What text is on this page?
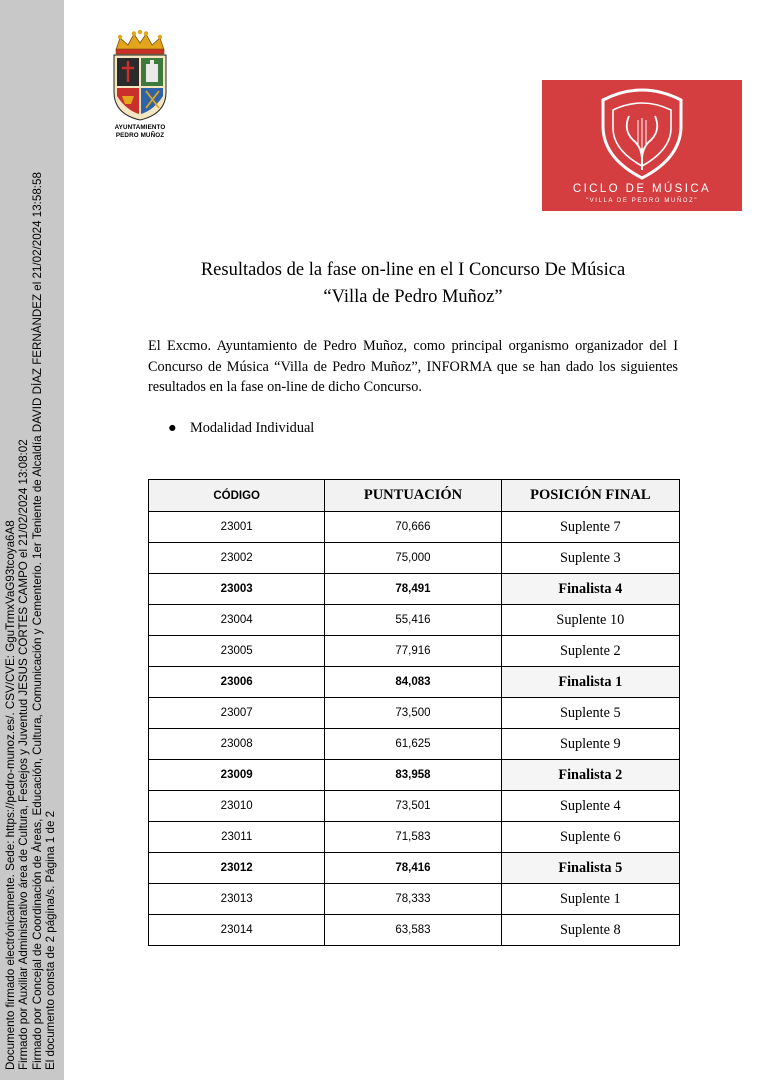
Documento firmado electrónicamente. Sede: https://pedro-munoz.es/. CSV/CVE: GguTrmxVaG93tcoya6A8 Firmado por Auxiliar Administrativo área de Cultura, Festejos y Juventud JESUS CORTES CAMPO el 21/02/2024 13:08:02 Firmado por Concejal de Coordinación de Áreas, Educación, Cultura, Comunicación y Cementerio. 1er Teniente de Alcaldía DAVID DÍAZ FERNÁNDEZ el 21/02/2024 13:58:58 El documento consta de 2 página/s. Página 1 de 2
AYUNTAMIENTO
PEDRO MUÑOZ
CICLO DE MÚSICA
"VILLA DE PEDRO MUÑOZ"
Resultados de la fase on-line en el I Concurso De Música
“Villa de Pedro Muñoz”
El Excmo. Ayuntamiento de Pedro Muñoz, como principal organismo organizador del I Concurso de Música “Villa de Pedro Muñoz”, INFORMA que se han dado los siguientes resultados en la fase on-line de dicho Concurso.
● Modalidad Individual
CÓDIGO	PUNTUACIÓN	POSICIÓN FINAL
23001	70,666	Suplente 7
23002	75,000	Suplente 3
23003	78,491	Finalista 4
23004	55,416	Suplente 10
23005	77,916	Suplente 2
23006	84,083	Finalista 1
23007	73,500	Suplente 5
23008	61,625	Suplente 9
23009	83,958	Finalista 2
23010	73,501	Suplente 4
23011	71,583	Suplente 6
23012	78,416	Finalista 5
23013	78,333	Suplente 1
23014	63,583	Suplente 8
